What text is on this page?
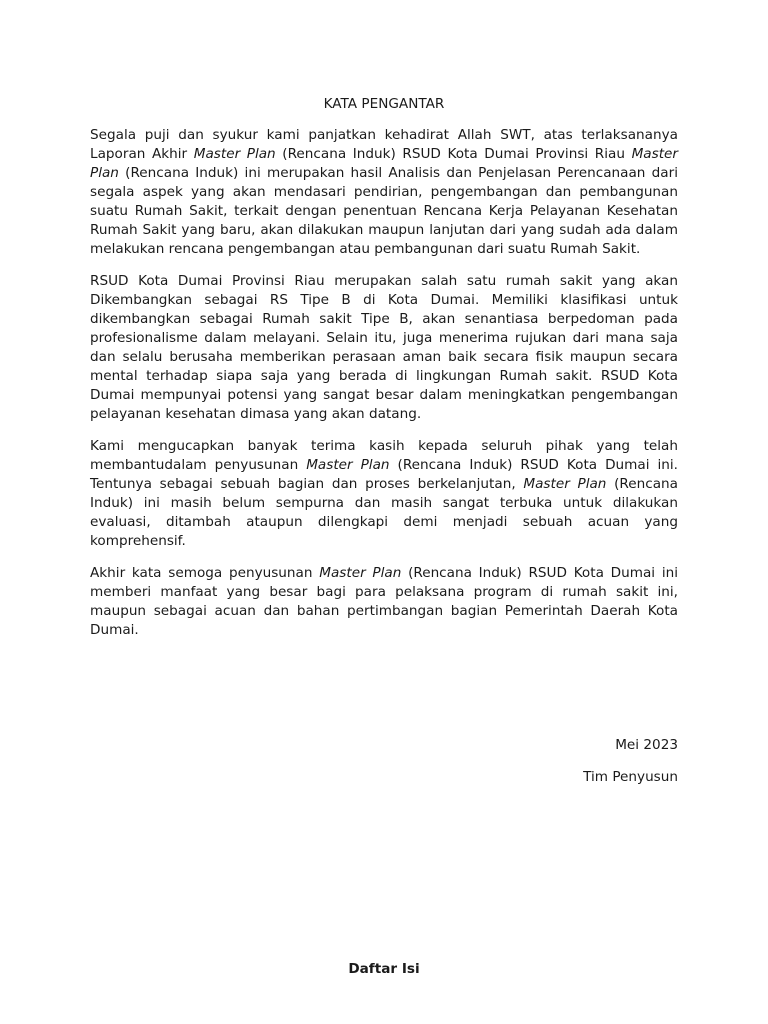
KATA PENGANTAR

Segala puji dan syukur kami panjatkan kehadirat Allah SWT, atas terlaksananya Laporan Akhir Master Plan (Rencana Induk) RSUD Kota Dumai Provinsi Riau Master Plan (Rencana Induk) ini merupakan hasil Analisis dan Penjelasan Perencanaan dari segala aspek yang akan mendasari pendirian, pengembangan dan pembangunan suatu Rumah Sakit, terkait dengan penentuan Rencana Kerja Pelayanan Kesehatan Rumah Sakit yang baru, akan dilakukan maupun lanjutan dari yang sudah ada dalam melakukan rencana pengembangan atau pembangunan dari suatu Rumah Sakit.

RSUD Kota Dumai Provinsi Riau merupakan salah satu rumah sakit yang akan Dikembangkan sebagai RS Tipe B di Kota Dumai. Memiliki klasifikasi untuk dikembangkan sebagai Rumah sakit Tipe B, akan senantiasa berpedoman pada profesionalisme dalam melayani. Selain itu, juga menerima rujukan dari mana saja dan selalu berusaha memberikan perasaan aman baik secara fisik maupun secara mental terhadap siapa saja yang berada di lingkungan Rumah sakit. RSUD Kota Dumai mempunyai potensi yang sangat besar dalam meningkatkan pengembangan pelayanan kesehatan dimasa yang akan datang.

Kami mengucapkan banyak terima kasih kepada seluruh pihak yang telah membantudalam penyusunan Master Plan (Rencana Induk) RSUD Kota Dumai ini. Tentunya sebagai sebuah bagian dan proses berkelanjutan, Master Plan (Rencana Induk) ini masih belum sempurna dan masih sangat terbuka untuk dilakukan evaluasi, ditambah ataupun dilengkapi demi menjadi sebuah acuan yang komprehensif.

Akhir kata semoga penyusunan Master Plan (Rencana Induk) RSUD Kota Dumai ini memberi manfaat yang besar bagi para pelaksana program di rumah sakit ini, maupun sebagai acuan dan bahan pertimbangan bagian Pemerintah Daerah Kota Dumai.

Mei 2023
Tim Penyusun
Daftar Isi
